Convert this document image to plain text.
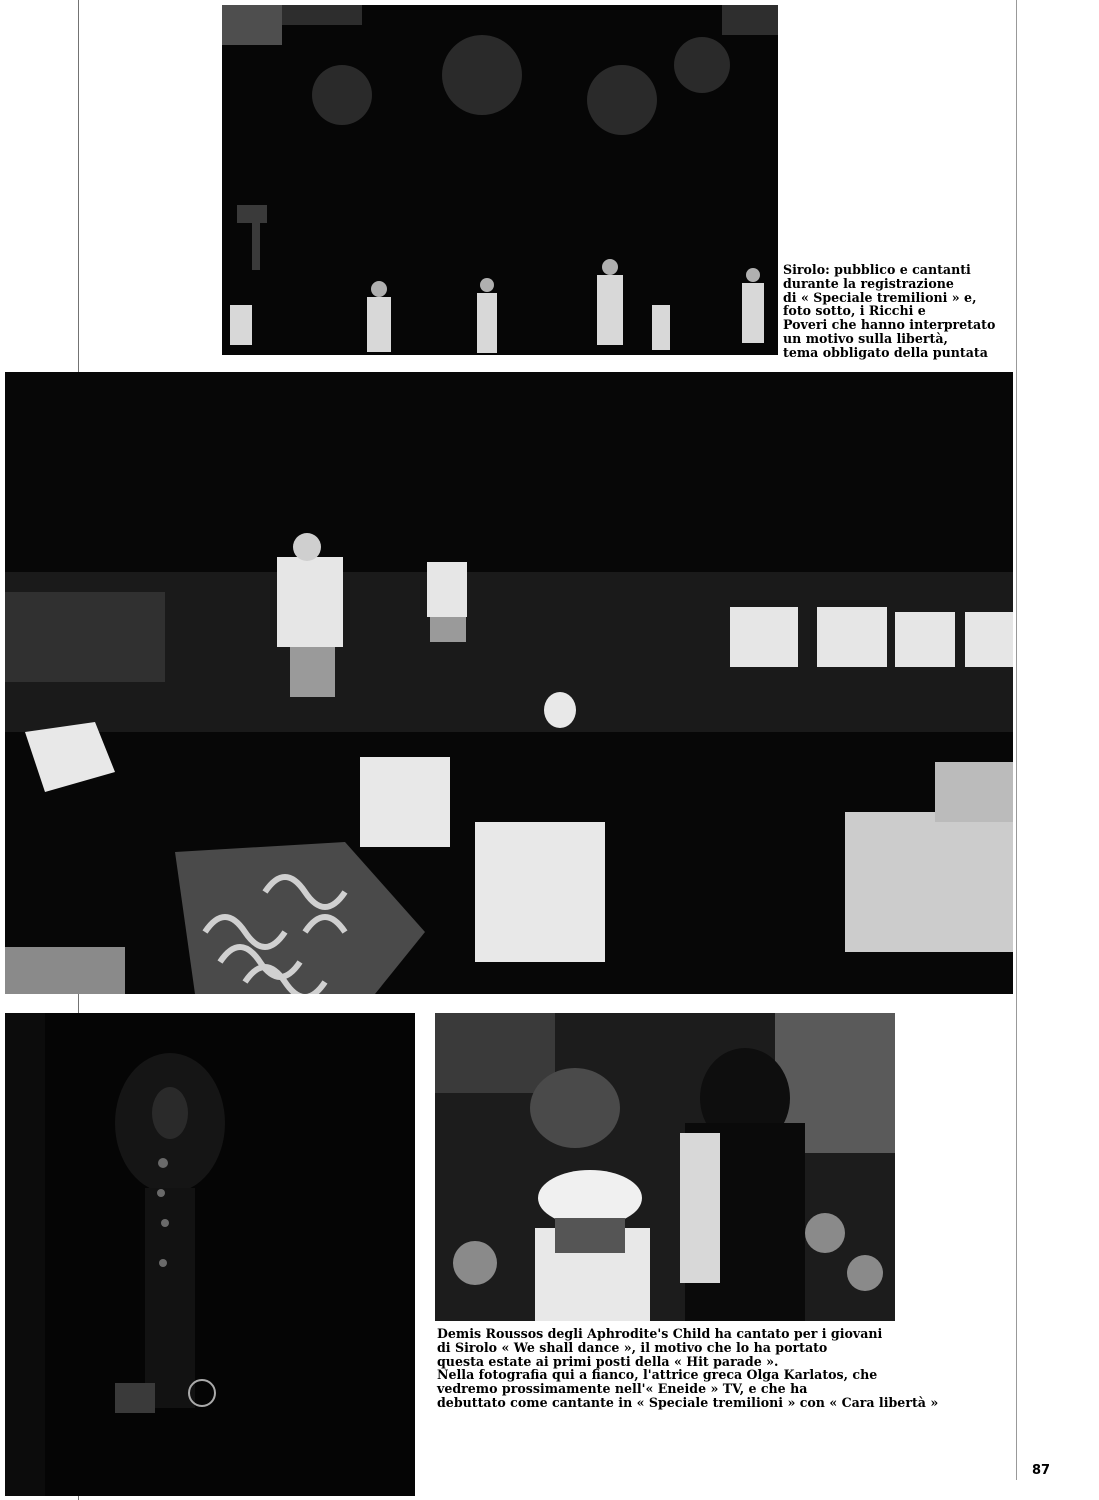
Sirolo: pubblico e cantanti
durante la registrazione
di « Speciale tremilioni » e,
foto sotto, i Ricchi e
Poveri che hanno interpretato
un motivo sulla libertà,
tema obbligato della puntata

Demis Roussos degli Aphrodite's Child ha cantato per i giovani
di Sirolo « We shall dance », il motivo che lo ha portato
questa estate ai primi posti della « Hit parade ».
Nella fotografia qui a fianco, l'attrice greca Olga Karlatos, che
vedremo prossimamente nell'« Eneide » TV, e che ha
debuttato come cantante in « Speciale tremilioni » con « Cara libertà »

87
